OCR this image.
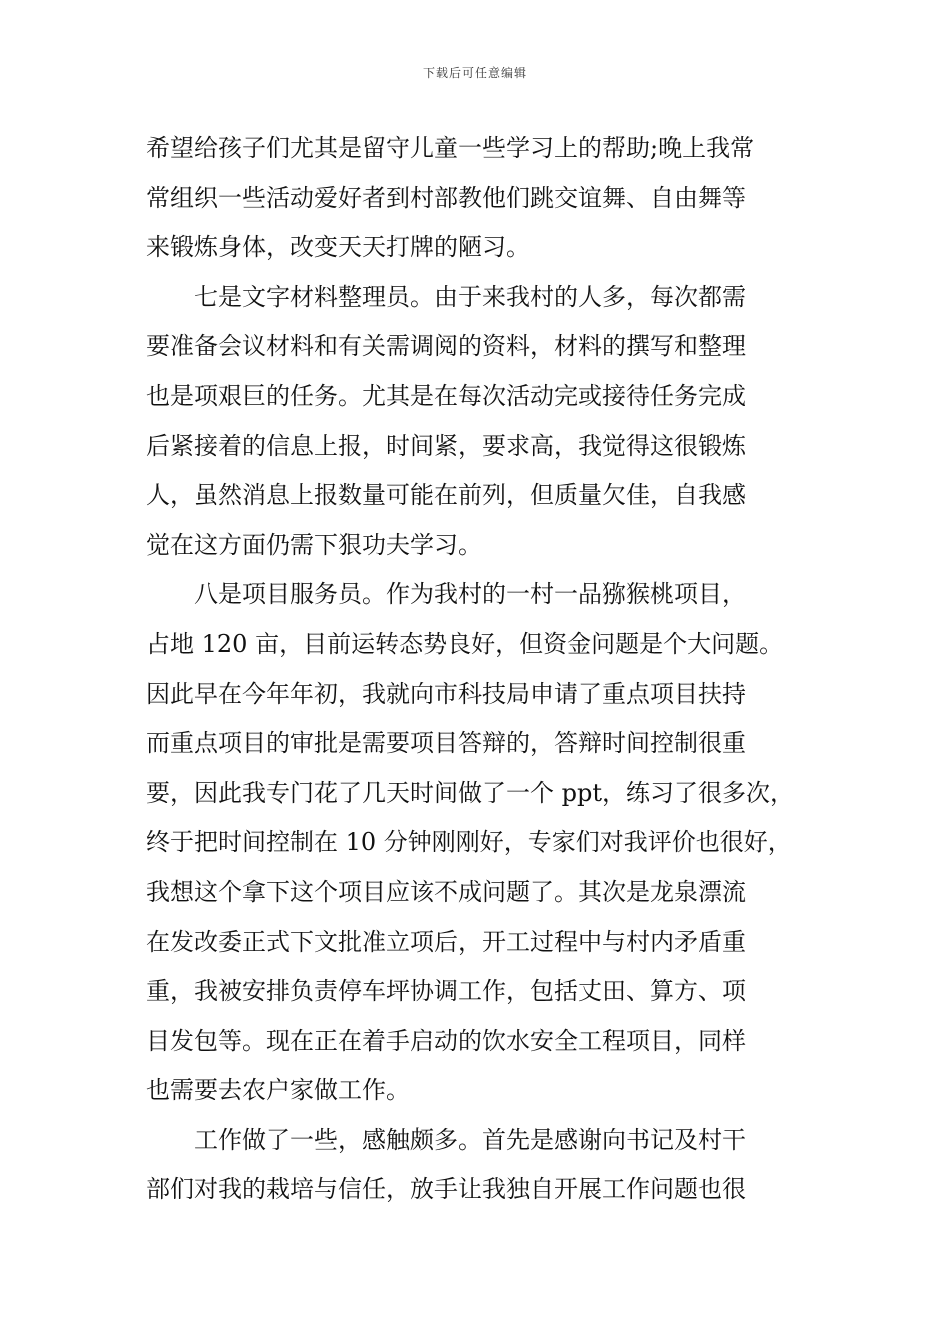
下载后可任意编辑
希望给孩子们尤其是留守儿童一些学习上的帮助;晚上我常
常组织一些活动爱好者到村部教他们跳交谊舞、自由舞等
来锻炼身体，改变天天打牌的陋习。
七是文字材料整理员。由于来我村的人多，每次都需
要准备会议材料和有关需调阅的资料，材料的撰写和整理
也是项艰巨的任务。尤其是在每次活动完或接待任务完成
后紧接着的信息上报，时间紧，要求高，我觉得这很锻炼
人，虽然消息上报数量可能在前列，但质量欠佳，自我感
觉在这方面仍需下狠功夫学习。
八是项目服务员。作为我村的一村一品猕猴桃项目，
占地 120 亩，目前运转态势良好，但资金问题是个大问题。
因此早在今年年初，我就向市科技局申请了重点项目扶持
而重点项目的审批是需要项目答辩的，答辩时间控制很重
要，因此我专门花了几天时间做了一个 ppt，练习了很多次，
终于把时间控制在 10 分钟刚刚好，专家们对我评价也很好，
我想这个拿下这个项目应该不成问题了。其次是龙泉漂流
在发改委正式下文批准立项后，开工过程中与村内矛盾重
重，我被安排负责停车坪协调工作，包括丈田、算方、项
目发包等。现在正在着手启动的饮水安全工程项目，同样
也需要去农户家做工作。
工作做了一些，感触颇多。首先是感谢向书记及村干
部们对我的栽培与信任，放手让我独自开展工作问题也很
